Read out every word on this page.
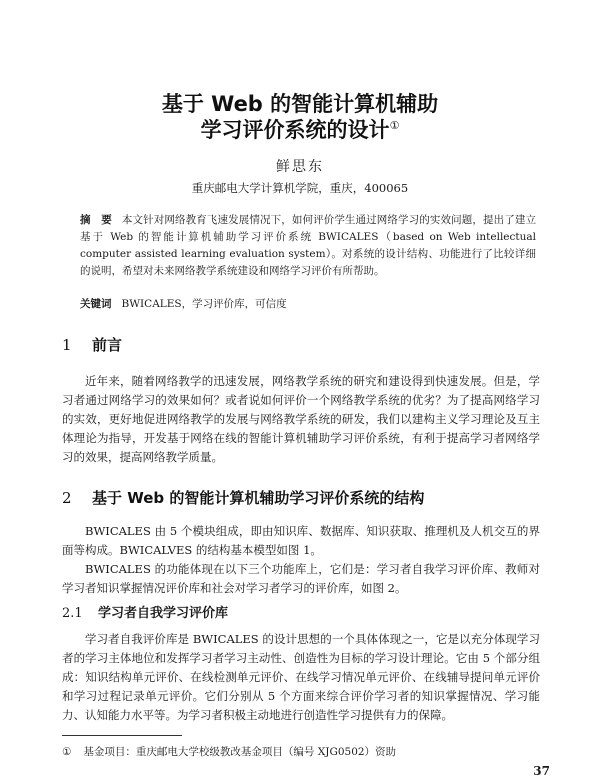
基于 Web 的智能计算机辅助
学习评价系统的设计①
鲜思东
重庆邮电大学计算机学院，重庆，400065
摘　要 本文针对网络教育飞速发展情况下，如何评价学生通过网络学习的实效问题，提出了建立基于 Web 的智能计算机辅助学习评价系统 BWICALES（based on Web intellectual computer assisted learning evaluation system）。对系统的设计结构、功能进行了比较详细的说明，希望对未来网络教学系统建设和网络学习评价有所帮助。
关键词 BWICALES，学习评价库，可信度
1 前言
近年来，随着网络教学的迅速发展，网络教学系统的研究和建设得到快速发展。但是，学习者通过网络学习的效果如何？或者说如何评价一个网络教学系统的优劣？为了提高网络学习的实效，更好地促进网络教学的发展与网络教学系统的研发，我们以建构主义学习理论及互主体理论为指导，开发基于网络在线的智能计算机辅助学习评价系统，有利于提高学习者网络学习的效果，提高网络教学质量。
2 基于 Web 的智能计算机辅助学习评价系统的结构
BWICALES 由 5 个模块组成，即由知识库、数据库、知识获取、推理机及人机交互的界面等构成。BWICALVES 的结构基本模型如图 1。
BWICALES 的功能体现在以下三个功能库上，它们是：学习者自我学习评价库、教师对学习者知识掌握情况评价库和社会对学习者学习的评价库，如图 2。
2.1 学习者自我学习评价库
学习者自我评价库是 BWICALES 的设计思想的一个具体体现之一，它是以充分体现学习者的学习主体地位和发挥学习者学习主动性、创造性为目标的学习设计理论。它由 5 个部分组成：知识结构单元评价、在线检测单元评价、在线学习情况单元评价、在线辅导提问单元评价和学习过程记录单元评价。它们分别从 5 个方面来综合评价学习者的知识掌握情况、学习能力、认知能力水平等。为学习者积极主动地进行创造性学习提供有力的保障。
① 基金项目：重庆邮电大学校级教改基金项目（编号 XJG0502）资助
37
